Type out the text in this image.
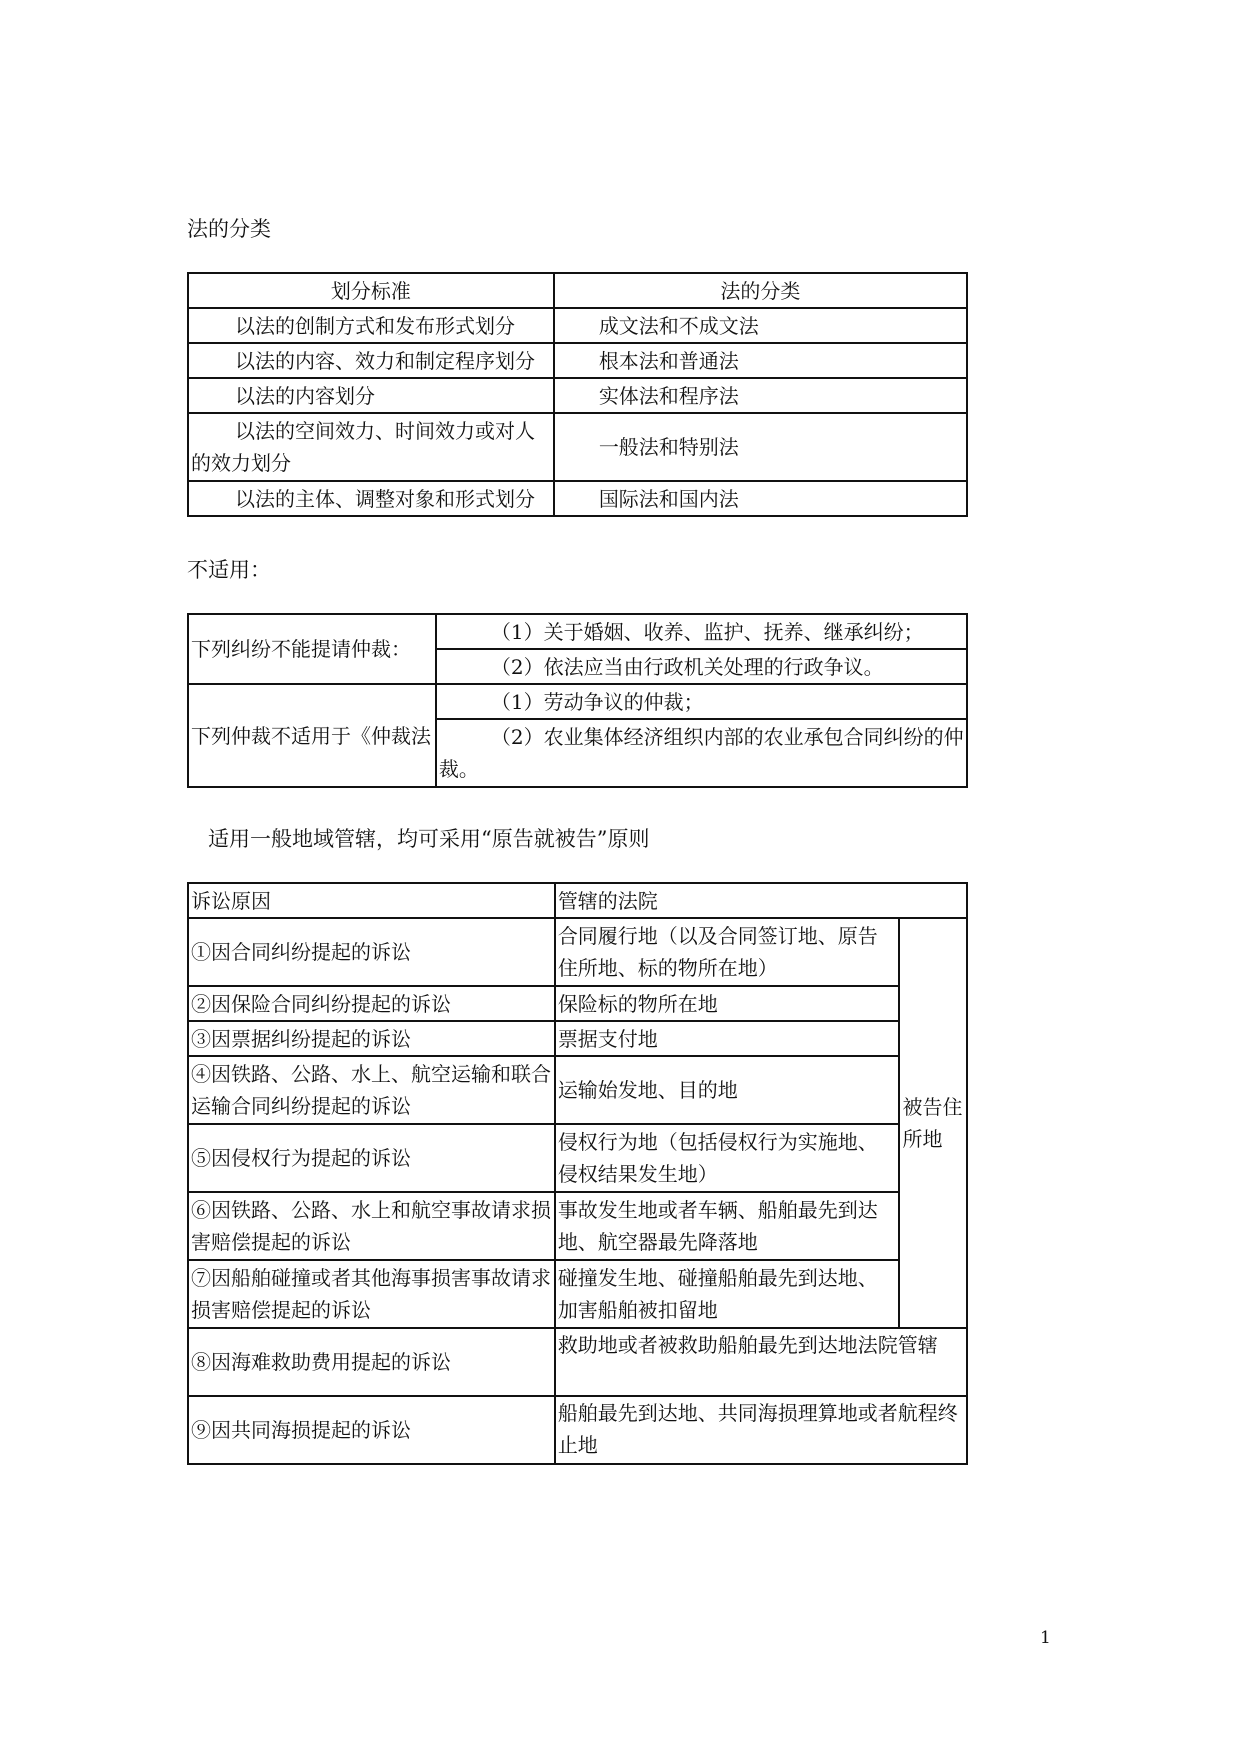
法的分类

划分标准	法的分类
以法的创制方式和发布形式划分	成文法和不成文法
以法的内容、效力和制定程序划分	根本法和普通法
以法的内容划分	实体法和程序法
以法的空间效力、时间效力或对人的效力划分	一般法和特别法
以法的主体、调整对象和形式划分	国际法和国内法

不适用：

下列纠纷不能提请仲裁：	（1）关于婚姻、收养、监护、抚养、继承纠纷；
	（2）依法应当由行政机关处理的行政争议。
下列仲裁不适用于《仲裁法	（1）劳动争议的仲裁；
	（2）农业集体经济组织内部的农业承包合同纠纷的仲裁。

适用一般地域管辖，均可采用“原告就被告”原则

诉讼原因	管辖的法院	
①因合同纠纷提起的诉讼	合同履行地（以及合同签订地、原告住所地、标的物所在地）	被告住所地
②因保险合同纠纷提起的诉讼	保险标的物所在地	
③因票据纠纷提起的诉讼	票据支付地	
④因铁路、公路、水上、航空运输和联合运输合同纠纷提起的诉讼	运输始发地、目的地	
⑤因侵权行为提起的诉讼	侵权行为地（包括侵权行为实施地、侵权结果发生地）	
⑥因铁路、公路、水上和航空事故请求损害赔偿提起的诉讼	事故发生地或者车辆、船舶最先到达地、航空器最先降落地	
⑦因船舶碰撞或者其他海事损害事故请求损害赔偿提起的诉讼	碰撞发生地、碰撞船舶最先到达地、加害船舶被扣留地	
⑧因海难救助费用提起的诉讼	救助地或者被救助船舶最先到达地法院管辖	
⑨因共同海损提起的诉讼	船舶最先到达地、共同海损理算地或者航程终止地	
1
